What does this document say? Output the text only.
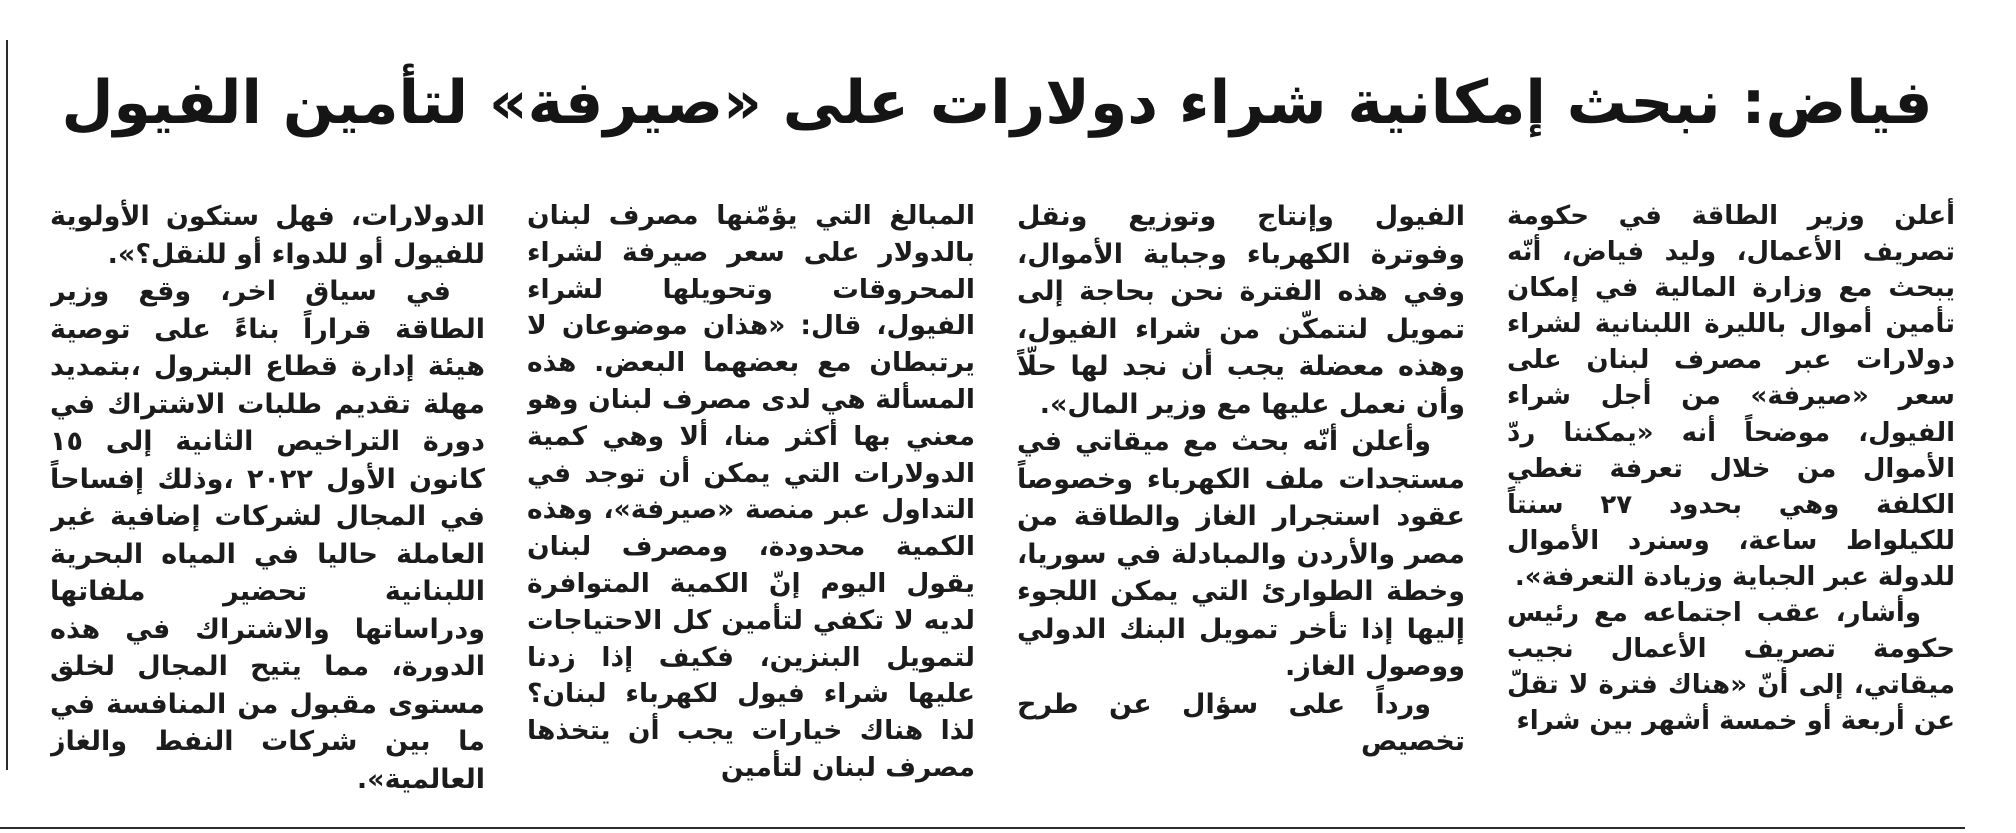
فياض: نبحث إمكانية شراء دولارات على «صيرفة» لتأمين الفيول

أعلن وزير الطاقة في حكومة تصريف الأعمال، وليد فياض، أنّه يبحث مع وزارة المالية في إمكان تأمين أموال بالليرة اللبنانية لشراء دولارات عبر مصرف لبنان على سعر «صيرفة» من أجل شراء الفيول، موضحاً أنه «يمكننا ردّ الأموال من خلال تعرفة تغطي الكلفة وهي بحدود ٢٧ سنتاً للكيلواط ساعة، وسنرد الأموال للدولة عبر الجباية وزيادة التعرفة».

وأشار، عقب اجتماعه مع رئيس حكومة تصريف الأعمال نجيب ميقاتي، إلى أنّ «هناك فترة لا تقلّ عن أربعة أو خمسة أشهر بين شراء

الفيول وإنتاج وتوزيع ونقل وفوترة الكهرباء وجباية الأموال، وفي هذه الفترة نحن بحاجة إلى تمويل لنتمكّن من شراء الفيول، وهذه معضلة يجب أن نجد لها حلّاً وأن نعمل عليها مع وزير المال».

وأعلن أنّه بحث مع ميقاتي في مستجدات ملف الكهرباء وخصوصاً عقود استجرار الغاز والطاقة من مصر والأردن والمبادلة في سوريا، وخطة الطوارئ التي يمكن اللجوء إليها إذا تأخر تمويل البنك الدولي ووصول الغاز.

ورداً على سؤال عن طرح تخصيص

المبالغ التي يؤمّنها مصرف لبنان بالدولار على سعر صيرفة لشراء المحروقات وتحويلها لشراء الفيول، قال: «هذان موضوعان لا يرتبطان مع بعضهما البعض. هذه المسألة هي لدى مصرف لبنان وهو معني بها أكثر منا، ألا وهي كمية الدولارات التي يمكن أن توجد في التداول عبر منصة «صيرفة»، وهذه الكمية محدودة، ومصرف لبنان يقول اليوم إنّ الكمية المتوافرة لديه لا تكفي لتأمين كل الاحتياجات لتمويل البنزين، فكيف إذا زدنا عليها شراء فيول لكهرباء لبنان؟ لذا هناك خيارات يجب أن يتخذها مصرف لبنان لتأمين

الدولارات، فهل ستكون الأولوية للفيول أو للدواء أو للنقل؟».

في سياق اخر، وقع وزير الطاقة قراراً بناءً على توصية هيئة إدارة قطاع البترول ،بتمديد مهلة تقديم طلبات الاشتراك في دورة التراخيص الثانية إلى ١٥ كانون الأول ٢٠٢٢ ،وذلك إفساحاً في المجال لشركات إضافية غير العاملة حاليا في المياه البحرية اللبنانية تحضير ملفاتها ودراساتها والاشتراك في هذه الدورة، مما يتيح المجال لخلق مستوى مقبول من المنافسة في ما بين شركات النفط والغاز العالمية».
